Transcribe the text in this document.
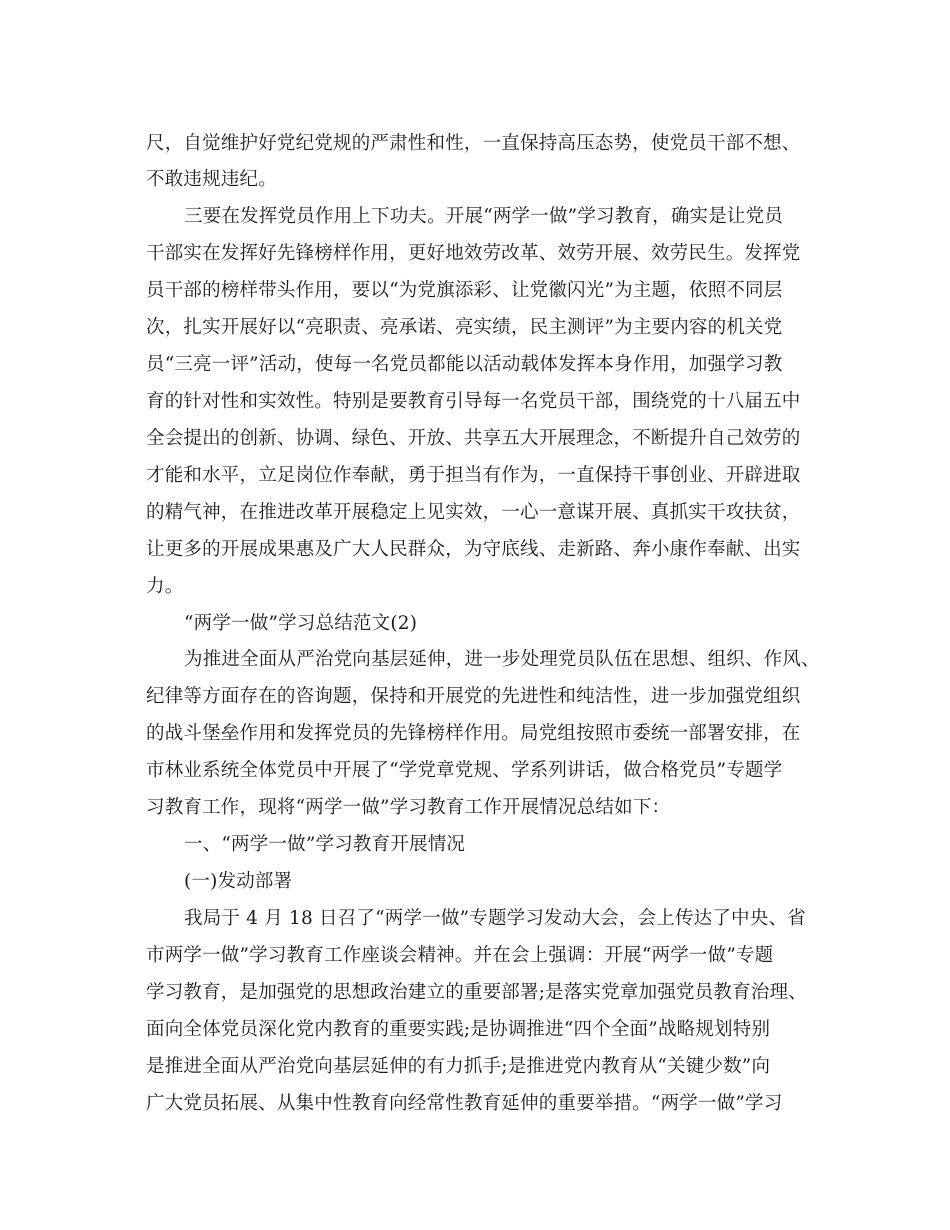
尺，自觉维护好党纪党规的严肃性和性，一直保持高压态势，使党员干部不想、
不敢违规违纪。
三要在发挥党员作用上下功夫。开展“两学一做”学习教育，确实是让党员
干部实在发挥好先锋榜样作用，更好地效劳改革、效劳开展、效劳民生。发挥党
员干部的榜样带头作用，要以“为党旗添彩、让党徽闪光”为主题，依照不同层
次，扎实开展好以“亮职责、亮承诺、亮实绩，民主测评”为主要内容的机关党
员“三亮一评”活动，使每一名党员都能以活动载体发挥本身作用，加强学习教
育的针对性和实效性。特别是要教育引导每一名党员干部，围绕党的十八届五中
全会提出的创新、协调、绿色、开放、共享五大开展理念，不断提升自己效劳的
才能和水平，立足岗位作奉献，勇于担当有作为，一直保持干事创业、开辟进取
的精气神，在推进改革开展稳定上见实效，一心一意谋开展、真抓实干攻扶贫，
让更多的开展成果惠及广大人民群众，为守底线、走新路、奔小康作奉献、出实
力。
“两学一做”学习总结范文(2)
为推进全面从严治党向基层延伸，进一步处理党员队伍在思想、组织、作风、
纪律等方面存在的咨询题，保持和开展党的先进性和纯洁性，进一步加强党组织
的战斗堡垒作用和发挥党员的先锋榜样作用。局党组按照市委统一部署安排，在
市林业系统全体党员中开展了“学党章党规、学系列讲话，做合格党员”专题学
习教育工作，现将“两学一做”学习教育工作开展情况总结如下：
一、“两学一做”学习教育开展情况
(一)发动部署
我局于 4 月 18 日召了“两学一做”专题学习发动大会，会上传达了中央、省
市两学一做”学习教育工作座谈会精神。并在会上强调：开展“两学一做”专题
学习教育，是加强党的思想政治建立的重要部署;是落实党章加强党员教育治理、
面向全体党员深化党内教育的重要实践;是协调推进“四个全面”战略规划特别
是推进全面从严治党向基层延伸的有力抓手;是推进党内教育从“关键少数”向
广大党员拓展、从集中性教育向经常性教育延伸的重要举措。“两学一做”学习
